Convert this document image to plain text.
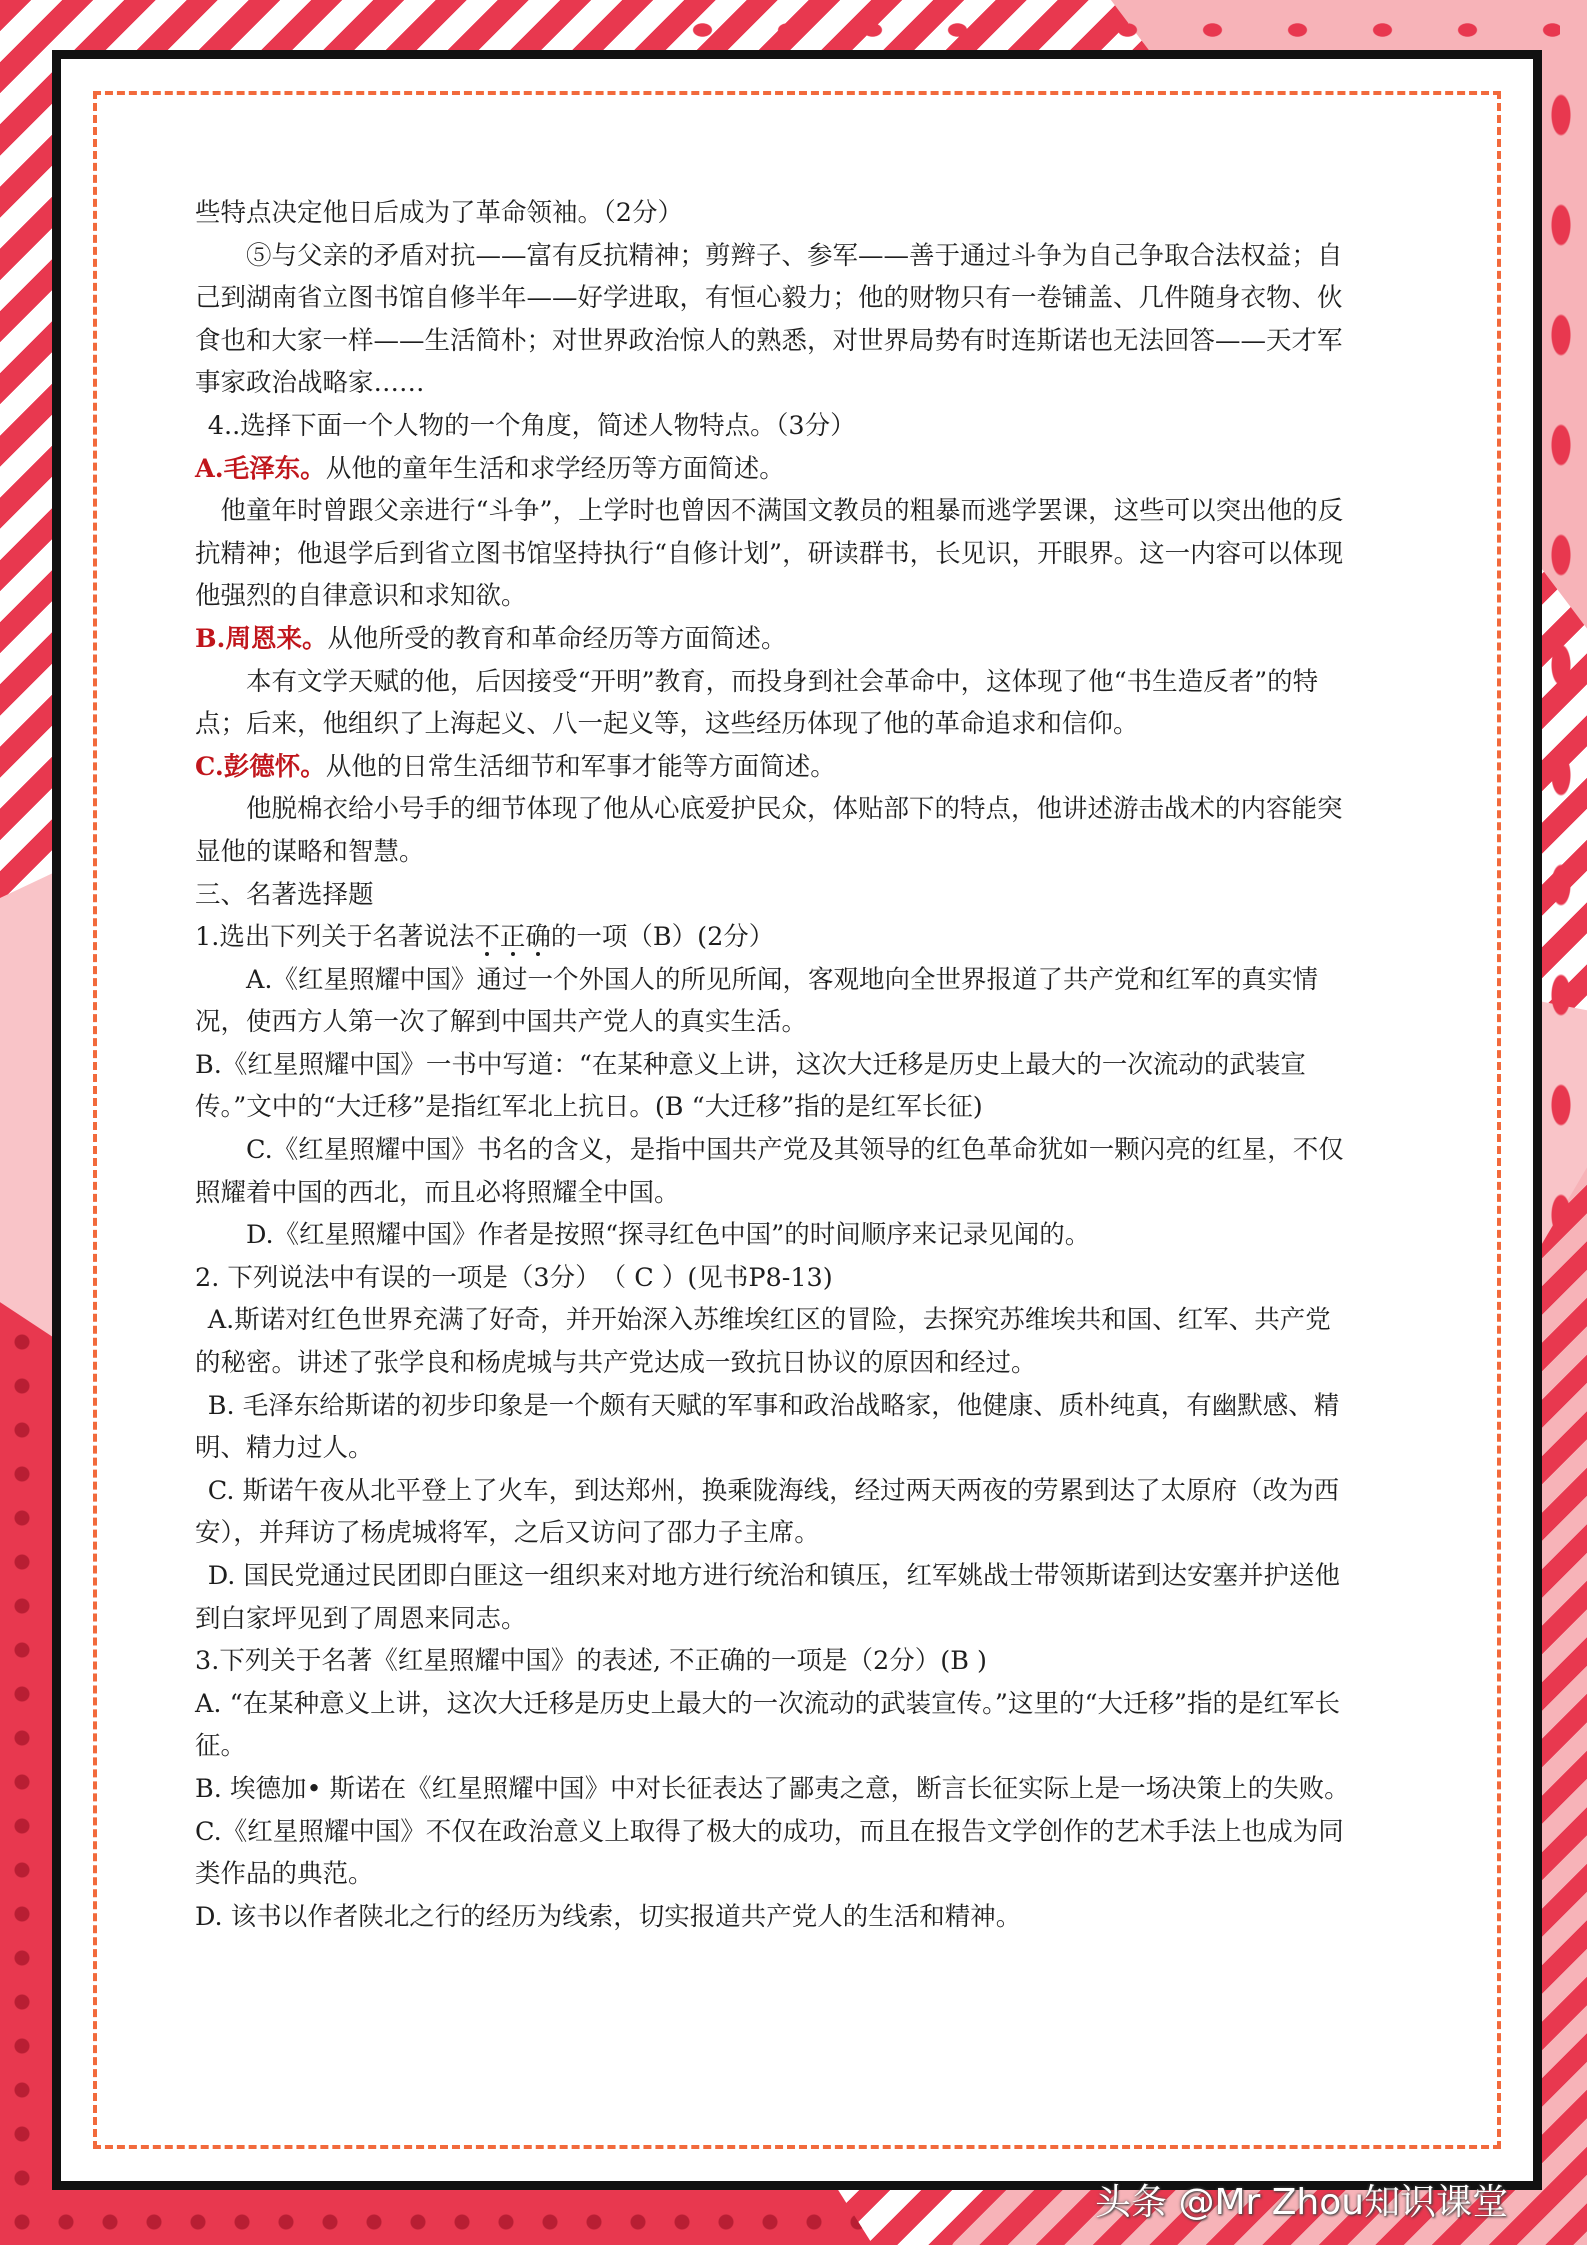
些特点决定他日后成为了革命领袖。（2分）

⑤与父亲的矛盾对抗——富有反抗精神；剪辫子、参军——善于通过斗争为自己争取合法权益；自己到湖南省立图书馆自修半年——好学进取，有恒心毅力；他的财物只有一卷铺盖、几件随身衣物、伙食也和大家一样——生活简朴；对世界政治惊人的熟悉，对世界局势有时连斯诺也无法回答——天才军事家政治战略家……

4..选择下面一个人物的一个角度，简述人物特点。（3分）

A.毛泽东。从他的童年生活和求学经历等方面简述。

他童年时曾跟父亲进行“斗争”，上学时也曾因不满国文教员的粗暴而逃学罢课，这些可以突出他的反抗精神；他退学后到省立图书馆坚持执行“自修计划”，研读群书，长见识，开眼界。这一内容可以体现他强烈的自律意识和求知欲。

B.周恩来。从他所受的教育和革命经历等方面简述。

本有文学天赋的他，后因接受“开明”教育，而投身到社会革命中，这体现了他“书生造反者”的特点；后来，他组织了上海起义、八一起义等，这些经历体现了他的革命追求和信仰。

C.彭德怀。从他的日常生活细节和军事才能等方面简述。

他脱棉衣给小号手的细节体现了他从心底爱护民众，体贴部下的特点，他讲述游击战术的内容能突显他的谋略和智慧。

三、名著选择题

1.选出下列关于名著说法不正确的一项（B）(2分）

A.《红星照耀中国》通过一个外国人的所见所闻，客观地向全世界报道了共产党和红军的真实情况，使西方人第一次了解到中国共产党人的真实生活。

B.《红星照耀中国》一书中写道：“在某种意义上讲，这次大迁移是历史上最大的一次流动的武装宣传。”文中的“大迁移”是指红军北上抗日。(B “大迁移”指的是红军长征)

C.《红星照耀中国》书名的含义，是指中国共产党及其领导的红色革命犹如一颗闪亮的红星，不仅照耀着中国的西北，而且必将照耀全中国。

D.《红星照耀中国》作者是按照“探寻红色中国”的时间顺序来记录见闻的。

2. 下列说法中有误的一项是（3分）　（ C ）(见书P8-13)

A.斯诺对红色世界充满了好奇，并开始深入苏维埃红区的冒险，去探究苏维埃共和国、红军、共产党的秘密。讲述了张学良和杨虎城与共产党达成一致抗日协议的原因和经过。

B. 毛泽东给斯诺的初步印象是一个颇有天赋的军事和政治战略家，他健康、质朴纯真，有幽默感、精明、精力过人。

C. 斯诺午夜从北平登上了火车，到达郑州，换乘陇海线，经过两天两夜的劳累到达了太原府（改为西安），并拜访了杨虎城将军，之后又访问了邵力子主席。

D. 国民党通过民团即白匪这一组织来对地方进行统治和镇压，红军姚战士带领斯诺到达安塞并护送他到白家坪见到了周恩来同志。

3.下列关于名著《红星照耀中国》的表述, 不正确的一项是（2分）(B )

A. “在某种意义上讲，这次大迁移是历史上最大的一次流动的武装宣传。”这里的“大迁移”指的是红军长征。

B. 埃德加• 斯诺在《红星照耀中国》中对长征表达了鄙夷之意，断言长征实际上是一场决策上的失败。

C.《红星照耀中国》不仅在政治意义上取得了极大的成功，而且在报告文学创作的艺术手法上也成为同类作品的典范。

D. 该书以作者陕北之行的经历为线索，切实报道共产党人的生活和精神。

头条 @Mr Zhou知识课堂
